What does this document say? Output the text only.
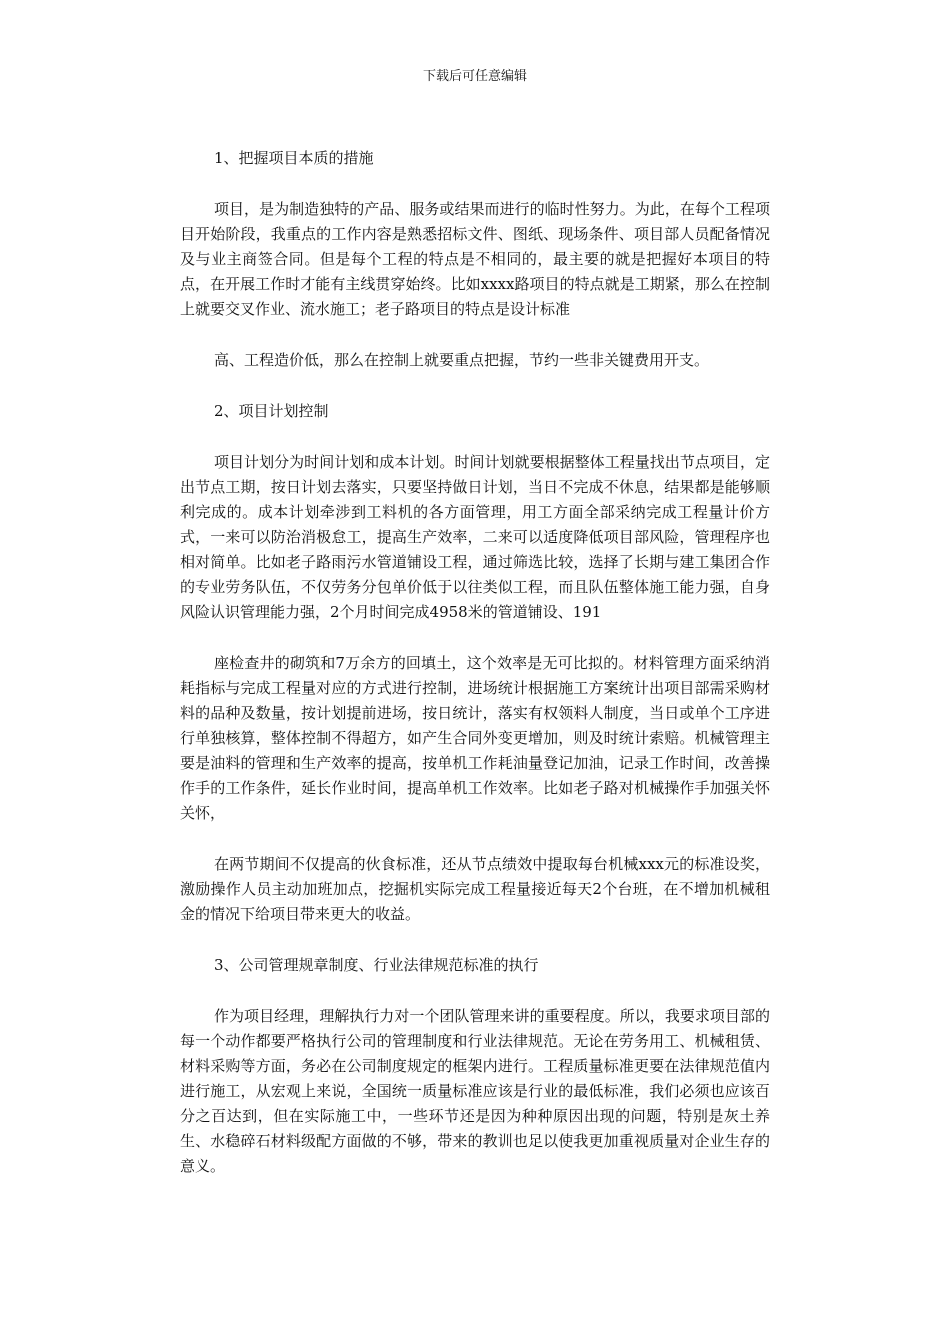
下载后可任意编辑
1、把握项目本质的措施
项目，是为制造独特的产品、服务或结果而进行的临时性努力。为此，在每个工程项目开始阶段，我重点的工作内容是熟悉招标文件、图纸、现场条件、项目部人员配备情况及与业主商签合同。但是每个工程的特点是不相同的，最主要的就是把握好本项目的特点，在开展工作时才能有主线贯穿始终。比如xxxx路项目的特点就是工期紧，那么在控制上就要交叉作业、流水施工；老子路项目的特点是设计标准
高、工程造价低，那么在控制上就要重点把握，节约一些非关键费用开支。
2、项目计划控制
项目计划分为时间计划和成本计划。时间计划就要根据整体工程量找出节点项目，定出节点工期，按日计划去落实，只要坚持做日计划，当日不完成不休息，结果都是能够顺利完成的。成本计划牵涉到工料机的各方面管理，用工方面全部采纳完成工程量计价方式，一来可以防治消极怠工，提高生产效率，二来可以适度降低项目部风险，管理程序也相对简单。比如老子路雨污水管道铺设工程，通过筛选比较，选择了长期与建工集团合作的专业劳务队伍，不仅劳务分包单价低于以往类似工程，而且队伍整体施工能力强，自身风险认识管理能力强，2个月时间完成4958米的管道铺设、191
座检查井的砌筑和7万余方的回填土，这个效率是无可比拟的。材料管理方面采纳消耗指标与完成工程量对应的方式进行控制，进场统计根据施工方案统计出项目部需采购材料的品种及数量，按计划提前进场，按日统计，落实有权领料人制度，当日或单个工序进行单独核算，整体控制不得超方，如产生合同外变更增加，则及时统计索赔。机械管理主要是油料的管理和生产效率的提高，按单机工作耗油量登记加油，记录工作时间，改善操作手的工作条件，延长作业时间，提高单机工作效率。比如老子路对机械操作手加强关怀关怀，
在两节期间不仅提高的伙食标准，还从节点绩效中提取每台机械xxx元的标准设奖，激励操作人员主动加班加点，挖掘机实际完成工程量接近每天2个台班，在不增加机械租金的情况下给项目带来更大的收益。
3、公司管理规章制度、行业法律规范标准的执行
作为项目经理，理解执行力对一个团队管理来讲的重要程度。所以，我要求项目部的每一个动作都要严格执行公司的管理制度和行业法律规范。无论在劳务用工、机械租赁、材料采购等方面，务必在公司制度规定的框架内进行。工程质量标准更要在法律规范值内进行施工，从宏观上来说，全国统一质量标准应该是行业的最低标准，我们必须也应该百分之百达到，但在实际施工中，一些环节还是因为种种原因出现的问题，特别是灰土养生、水稳碎石材料级配方面做的不够，带来的教训也足以使我更加重视质量对企业生存的意义。
